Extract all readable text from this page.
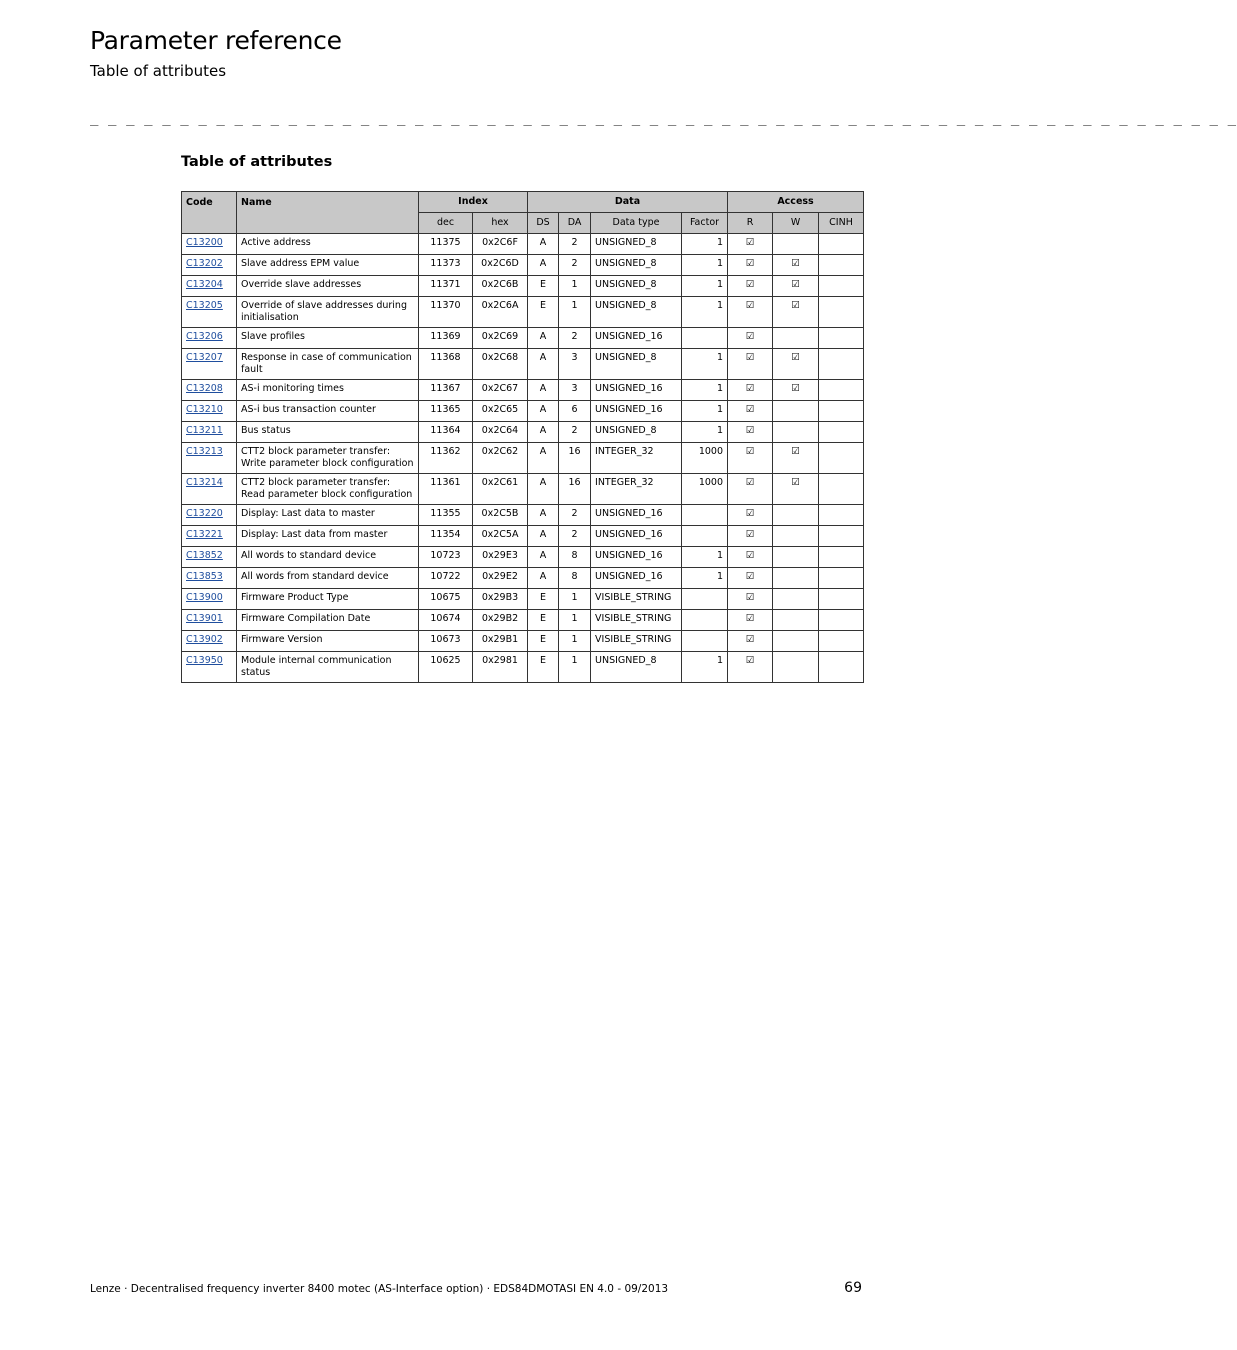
Parameter reference
Table of attributes
_ _ _ _ _ _ _ _ _ _ _ _ _ _ _ _ _ _ _ _ _ _ _ _ _ _ _ _ _ _ _ _ _ _ _ _ _ _ _ _ _ _ _ _ _ _ _ _ _ _ _ _ _ _ _ _ _ _ _ _ _ _ _ _
Table of attributes
Code	Name	Index		Data				Access		
		dec	hex	DS	DA	Data type	Factor	R	W	CINH
C13200	Active address	11375	0x2C6F	A	2	UNSIGNED_8	1	☑		
C13202	Slave address EPM value	11373	0x2C6D	A	2	UNSIGNED_8	1	☑	☑	
C13204	Override slave addresses	11371	0x2C6B	E	1	UNSIGNED_8	1	☑	☑	
C13205	Override of slave addresses during initialisation	11370	0x2C6A	E	1	UNSIGNED_8	1	☑	☑	
C13206	Slave profiles	11369	0x2C69	A	2	UNSIGNED_16		☑		
C13207	Response in case of communication fault	11368	0x2C68	A	3	UNSIGNED_8	1	☑	☑	
C13208	AS-i monitoring times	11367	0x2C67	A	3	UNSIGNED_16	1	☑	☑	
C13210	AS-i bus transaction counter	11365	0x2C65	A	6	UNSIGNED_16	1	☑		
C13211	Bus status	11364	0x2C64	A	2	UNSIGNED_8	1	☑		
C13213	CTT2 block parameter transfer: Write parameter block configuration	11362	0x2C62	A	16	INTEGER_32	1000	☑	☑	
C13214	CTT2 block parameter transfer: Read parameter block configuration	11361	0x2C61	A	16	INTEGER_32	1000	☑	☑	
C13220	Display: Last data to master	11355	0x2C5B	A	2	UNSIGNED_16		☑		
C13221	Display: Last data from master	11354	0x2C5A	A	2	UNSIGNED_16		☑		
C13852	All words to standard device	10723	0x29E3	A	8	UNSIGNED_16	1	☑		
C13853	All words from standard device	10722	0x29E2	A	8	UNSIGNED_16	1	☑		
C13900	Firmware Product Type	10675	0x29B3	E	1	VISIBLE_STRING		☑		
C13901	Firmware Compilation Date	10674	0x29B2	E	1	VISIBLE_STRING		☑		
C13902	Firmware Version	10673	0x29B1	E	1	VISIBLE_STRING		☑		
C13950	Module internal communication status	10625	0x2981	E	1	UNSIGNED_8	1	☑		
Lenze · Decentralised frequency inverter 8400 motec (AS-Interface option) · EDS84DMOTASI EN 4.0 - 09/2013	69
